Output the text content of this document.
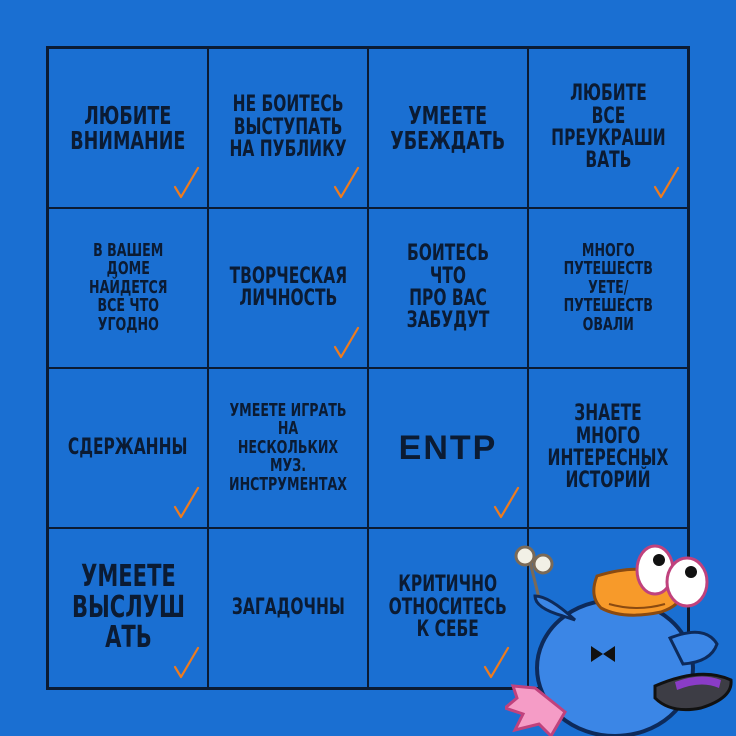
ЛЮБИТЕ
ВНИМАНИЕ
НЕ БОИТЕСЬ
ВЫСТУПАТЬ
НА ПУБЛИКУ
УМЕЕТЕ
УБЕЖДАТЬ
ЛЮБИТЕ
ВСЕ
ПРЕУКРАШИ
ВАТЬ
В ВАШЕМ
ДОМЕ
НАЙДЕТСЯ
ВСЕ ЧТО
УГОДНО
ТВОРЧЕСКАЯ
ЛИЧНОСТЬ
БОИТЕСЬ ЧТО
ПРО ВАС
ЗАБУДУТ
МНОГО
ПУТЕШЕСТВ
УЕТЕ/
ПУТЕШЕСТВ
ОВАЛИ
СДЕРЖАННЫ
УМЕЕТЕ ИГРАТЬ
НА НЕСКОЛЬКИХ
МУЗ.
ИНСТРУМЕНТАХ
ENTP
ЗНАЕТЕ МНОГО
ИНТЕРЕСНЫХ
ИСТОРИЙ
УМЕЕТЕ
ВЫСЛУШ
АТЬ
ЗАГАДОЧНЫ
КРИТИЧНО
ОТНОСИТЕСЬ
К СЕБЕ
